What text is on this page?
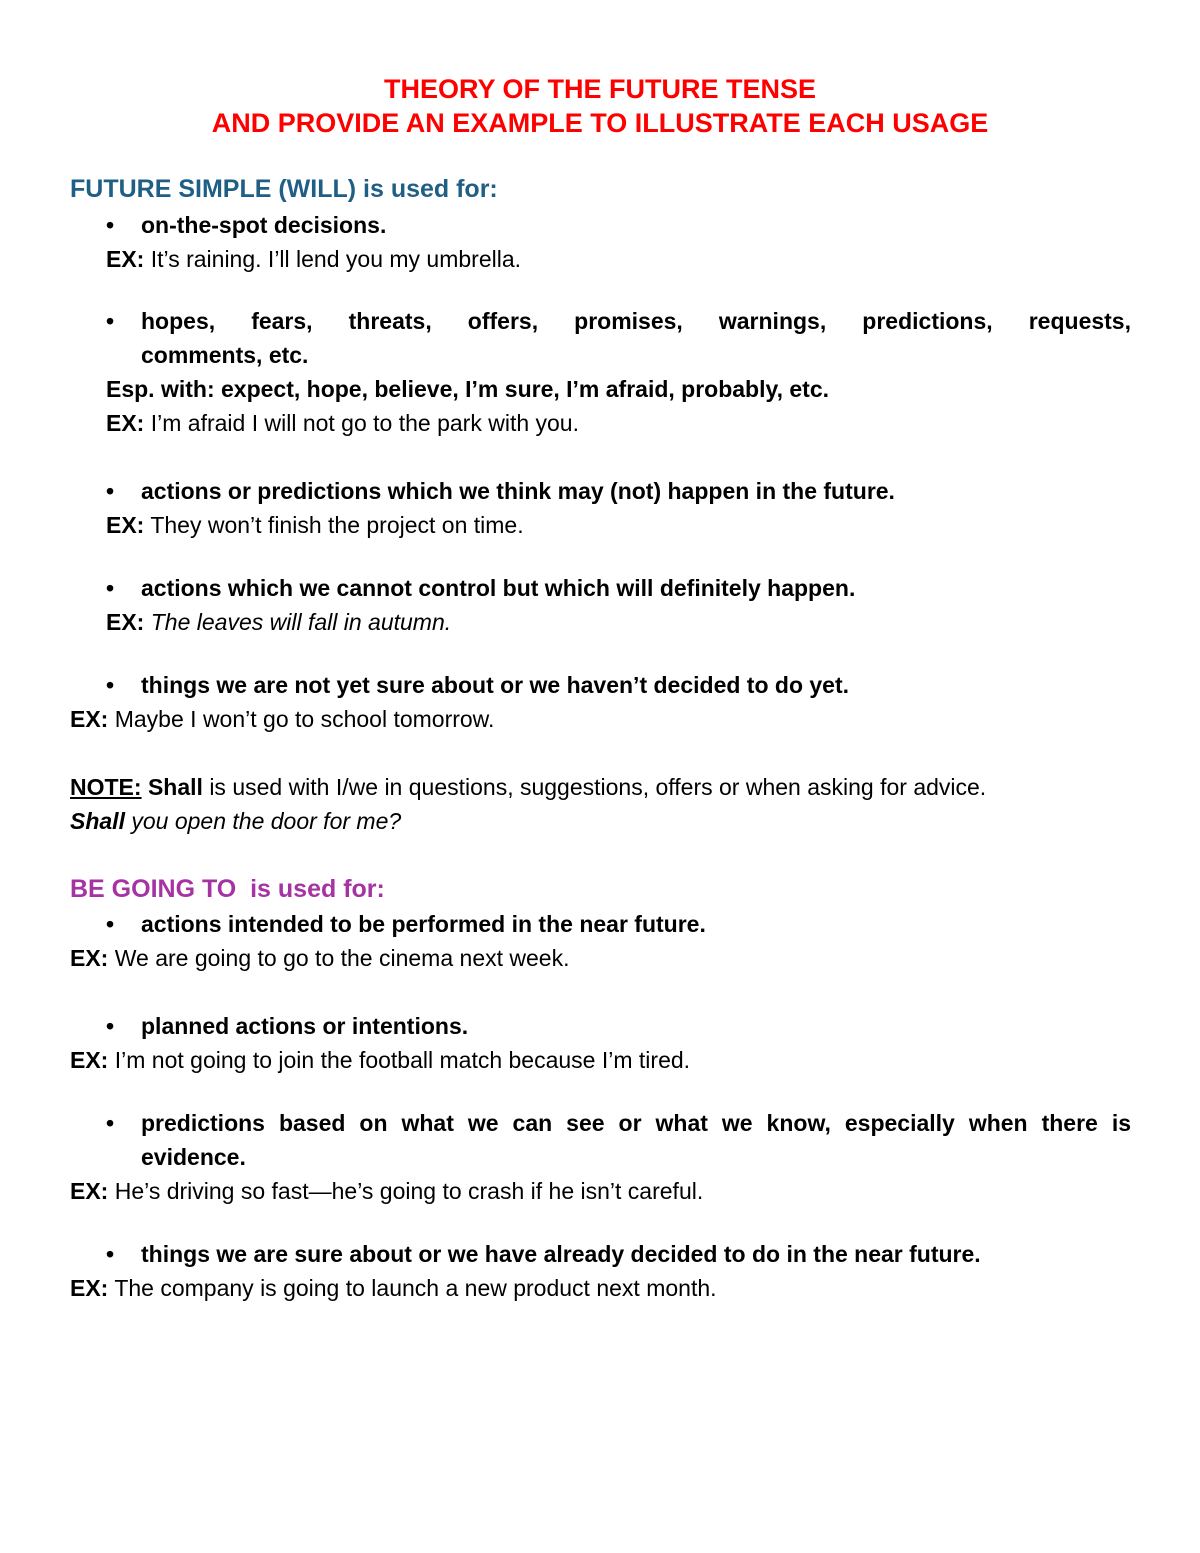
THEORY OF THE FUTURE TENSE
AND PROVIDE AN EXAMPLE TO ILLUSTRATE EACH USAGE
FUTURE SIMPLE (WILL) is used for:
•	on-the-spot decisions.
EX: It’s raining. I’ll lend you my umbrella.
•	hopes, fears, threats, offers, promises, warnings, predictions, requests,
comments, etc.
Esp. with: expect, hope, believe, I’m sure, I’m afraid, probably, etc.
EX: I’m afraid I will not go to the park with you.
•	actions or predictions which we think may (not) happen in the future.
EX: They won’t finish the project on time.
•	actions which we cannot control but which will definitely happen.
EX: The leaves will fall in autumn.
•	things we are not yet sure about or we haven’t decided to do yet.
EX: Maybe I won’t go to school tomorrow.
NOTE: Shall is used with I/we in questions, suggestions, offers or when asking for advice.
Shall you open the door for me?
BE GOING TO  is used for:
•	actions intended to be performed in the near future.
EX: We are going to go to the cinema next week.
•	planned actions or intentions.
EX: I’m not going to join the football match because I’m tired.
•	predictions based on what we can see or what we know, especially when there is
evidence.
EX: He’s driving so fast—he’s going to crash if he isn’t careful.
•	things we are sure about or we have already decided to do in the near future.
EX: The company is going to launch a new product next month.
